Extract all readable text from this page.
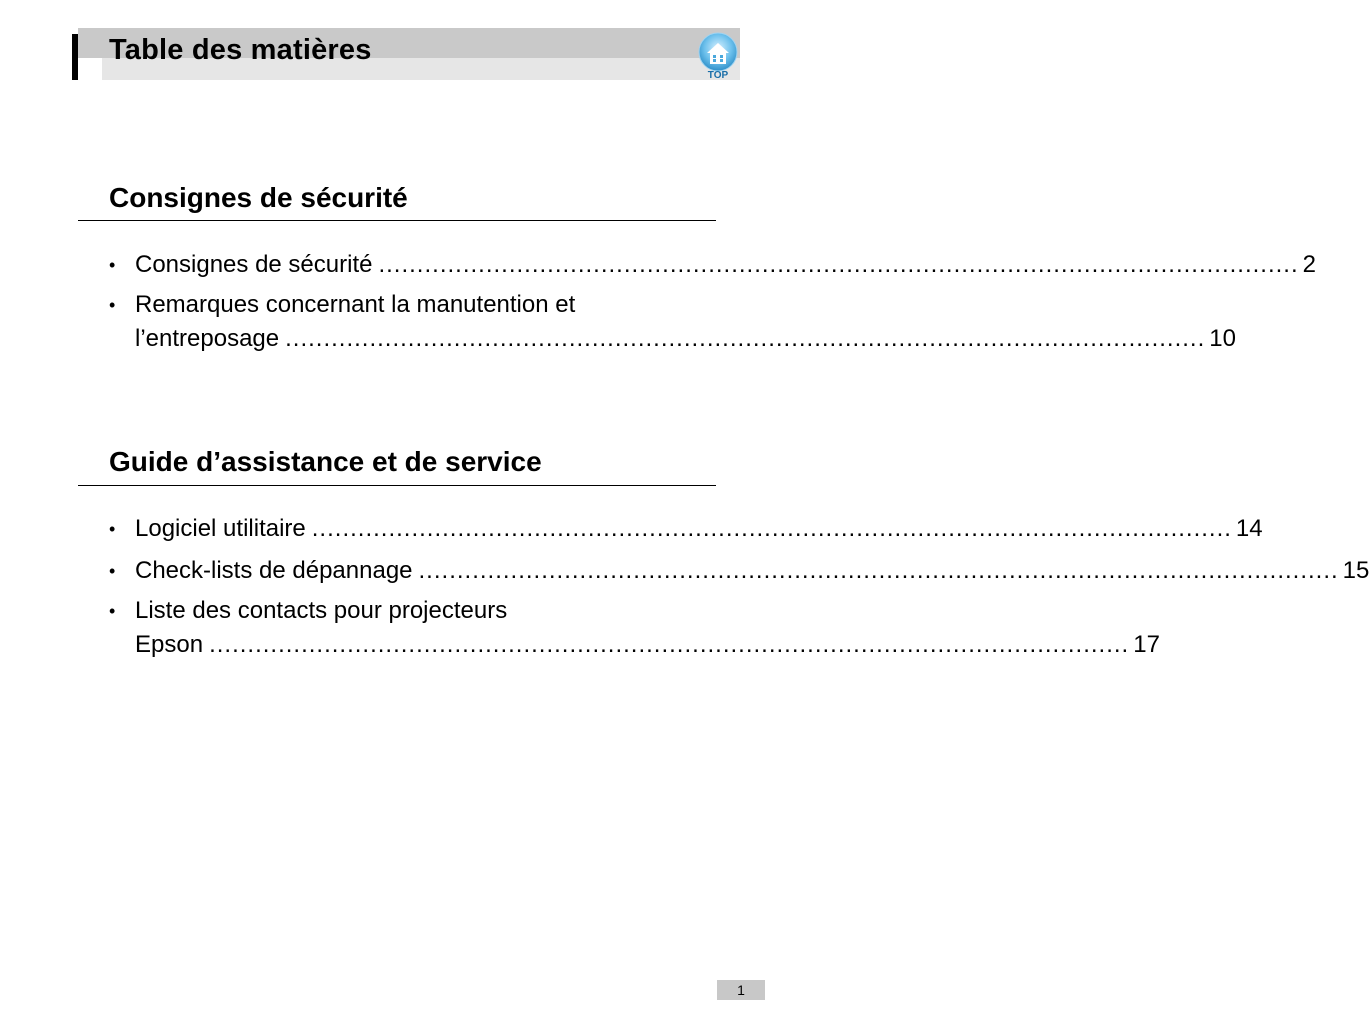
Table des matières
TOP
Consignes de sécurité
• Consignes de sécurité ........................................................................................................................ 2
• Remarques concernant la manutention et
l’entreposage ........................................................................................................................ 10
Guide d’assistance et de service
• Logiciel utilitaire ........................................................................................................................ 14
• Check-lists de dépannage ........................................................................................................................ 15
• Liste des contacts pour projecteurs
Epson ........................................................................................................................ 17
1
